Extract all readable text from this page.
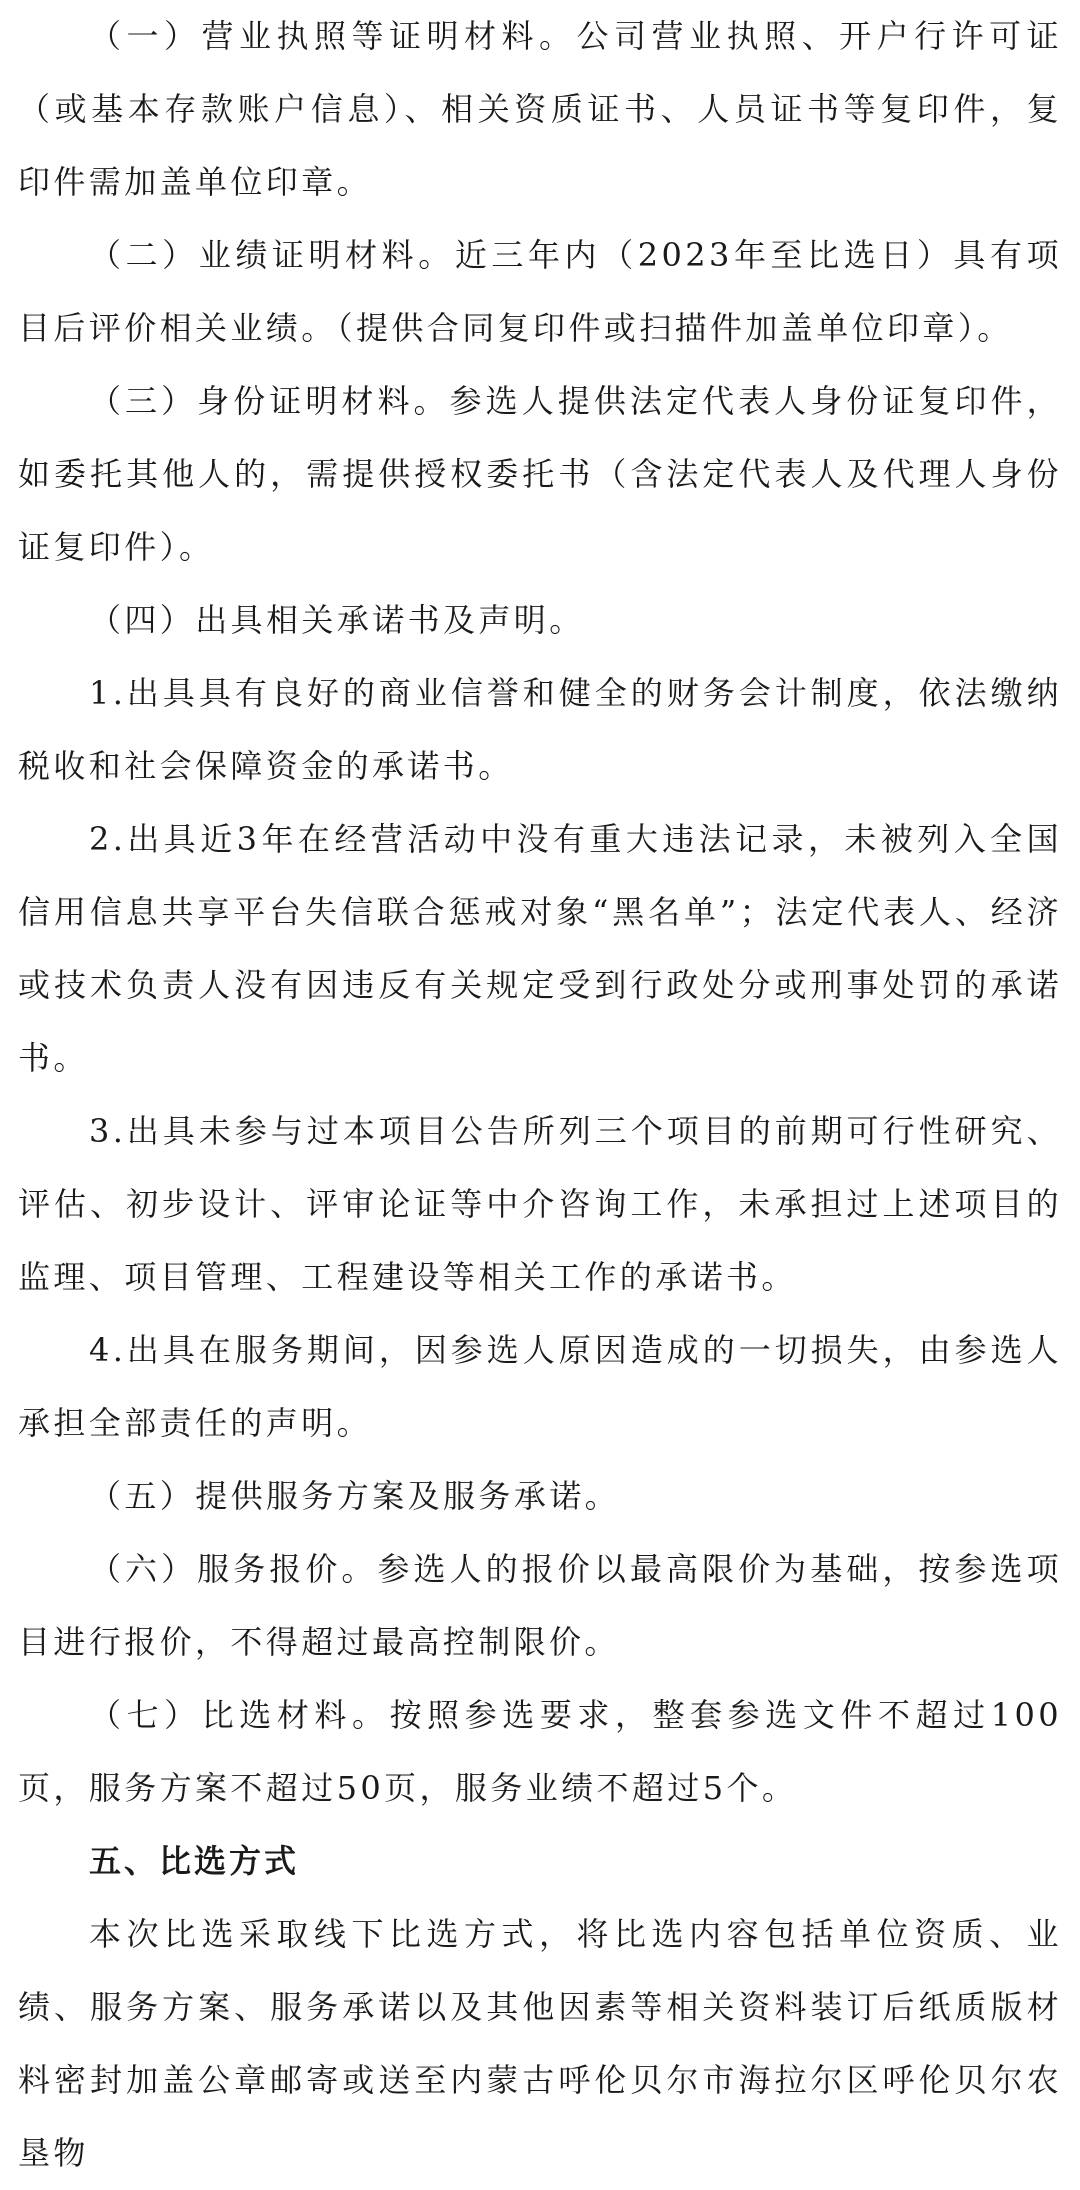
（一）营业执照等证明材料。公司营业执照、开户行许可证（或基本存款账户信息）、相关资质证书、人员证书等复印件，复印件需加盖单位印章。

（二）业绩证明材料。近三年内（2023年至比选日）具有项目后评价相关业绩。（提供合同复印件或扫描件加盖单位印章）。

（三）身份证明材料。参选人提供法定代表人身份证复印件，如委托其他人的，需提供授权委托书（含法定代表人及代理人身份证复印件）。

（四）出具相关承诺书及声明。

1.出具具有良好的商业信誉和健全的财务会计制度，依法缴纳税收和社会保障资金的承诺书。

2.出具近3年在经营活动中没有重大违法记录，未被列入全国信用信息共享平台失信联合惩戒对象“黑名单”；法定代表人、经济或技术负责人没有因违反有关规定受到行政处分或刑事处罚的承诺书。

3.出具未参与过本项目公告所列三个项目的前期可行性研究、评估、初步设计、评审论证等中介咨询工作，未承担过上述项目的监理、项目管理、工程建设等相关工作的承诺书。

4.出具在服务期间，因参选人原因造成的一切损失，由参选人承担全部责任的声明。

（五）提供服务方案及服务承诺。

（六）服务报价。参选人的报价以最高限价为基础，按参选项目进行报价，不得超过最高控制限价。

（七）比选材料。按照参选要求，整套参选文件不超过100页，服务方案不超过50页，服务业绩不超过5个。

五、比选方式

本次比选采取线下比选方式，将比选内容包括单位资质、业绩、服务方案、服务承诺以及其他因素等相关资料装订后纸质版材料密封加盖公章邮寄或送至内蒙古呼伦贝尔市海拉尔区呼伦贝尔农垦物
